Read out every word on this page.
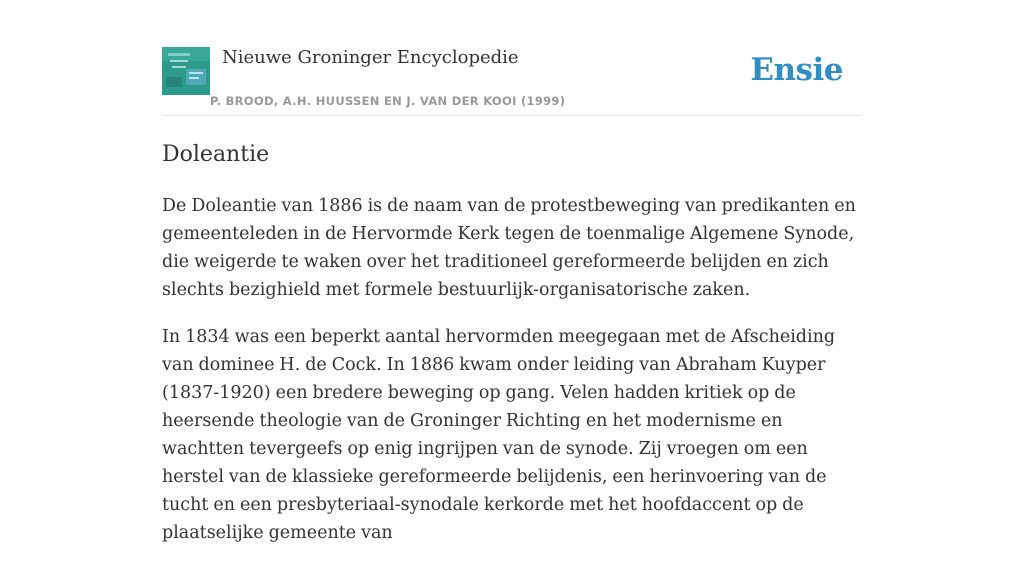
Nieuwe Groninger Encyclopedie
P. BROOD, A.H. HUUSSEN EN J. VAN DER KOOI (1999)
Ensie
Doleantie

De Doleantie van 1886 is de naam van de protestbeweging van predikanten en gemeenteleden in de Hervormde Kerk tegen de toenmalige Algemene Synode, die weigerde te waken over het traditioneel gereformeerde belijden en zich slechts bezighield met formele bestuurlijk-organisatorische zaken.

In 1834 was een beperkt aantal hervormden meegegaan met de Afscheiding van dominee H. de Cock. In 1886 kwam onder leiding van Abraham Kuyper (1837-1920) een bredere beweging op gang. Velen hadden kritiek op de heersende theologie van de Groninger Richting en het modernisme en wachtten tevergeefs op enig ingrijpen van de synode. Zij vroegen om een herstel van de klassieke gereformeerde belijdenis, een herinvoering van de tucht en een presbyteriaal-synodale kerkorde met het hoofdaccent op de plaatselijke gemeente van
